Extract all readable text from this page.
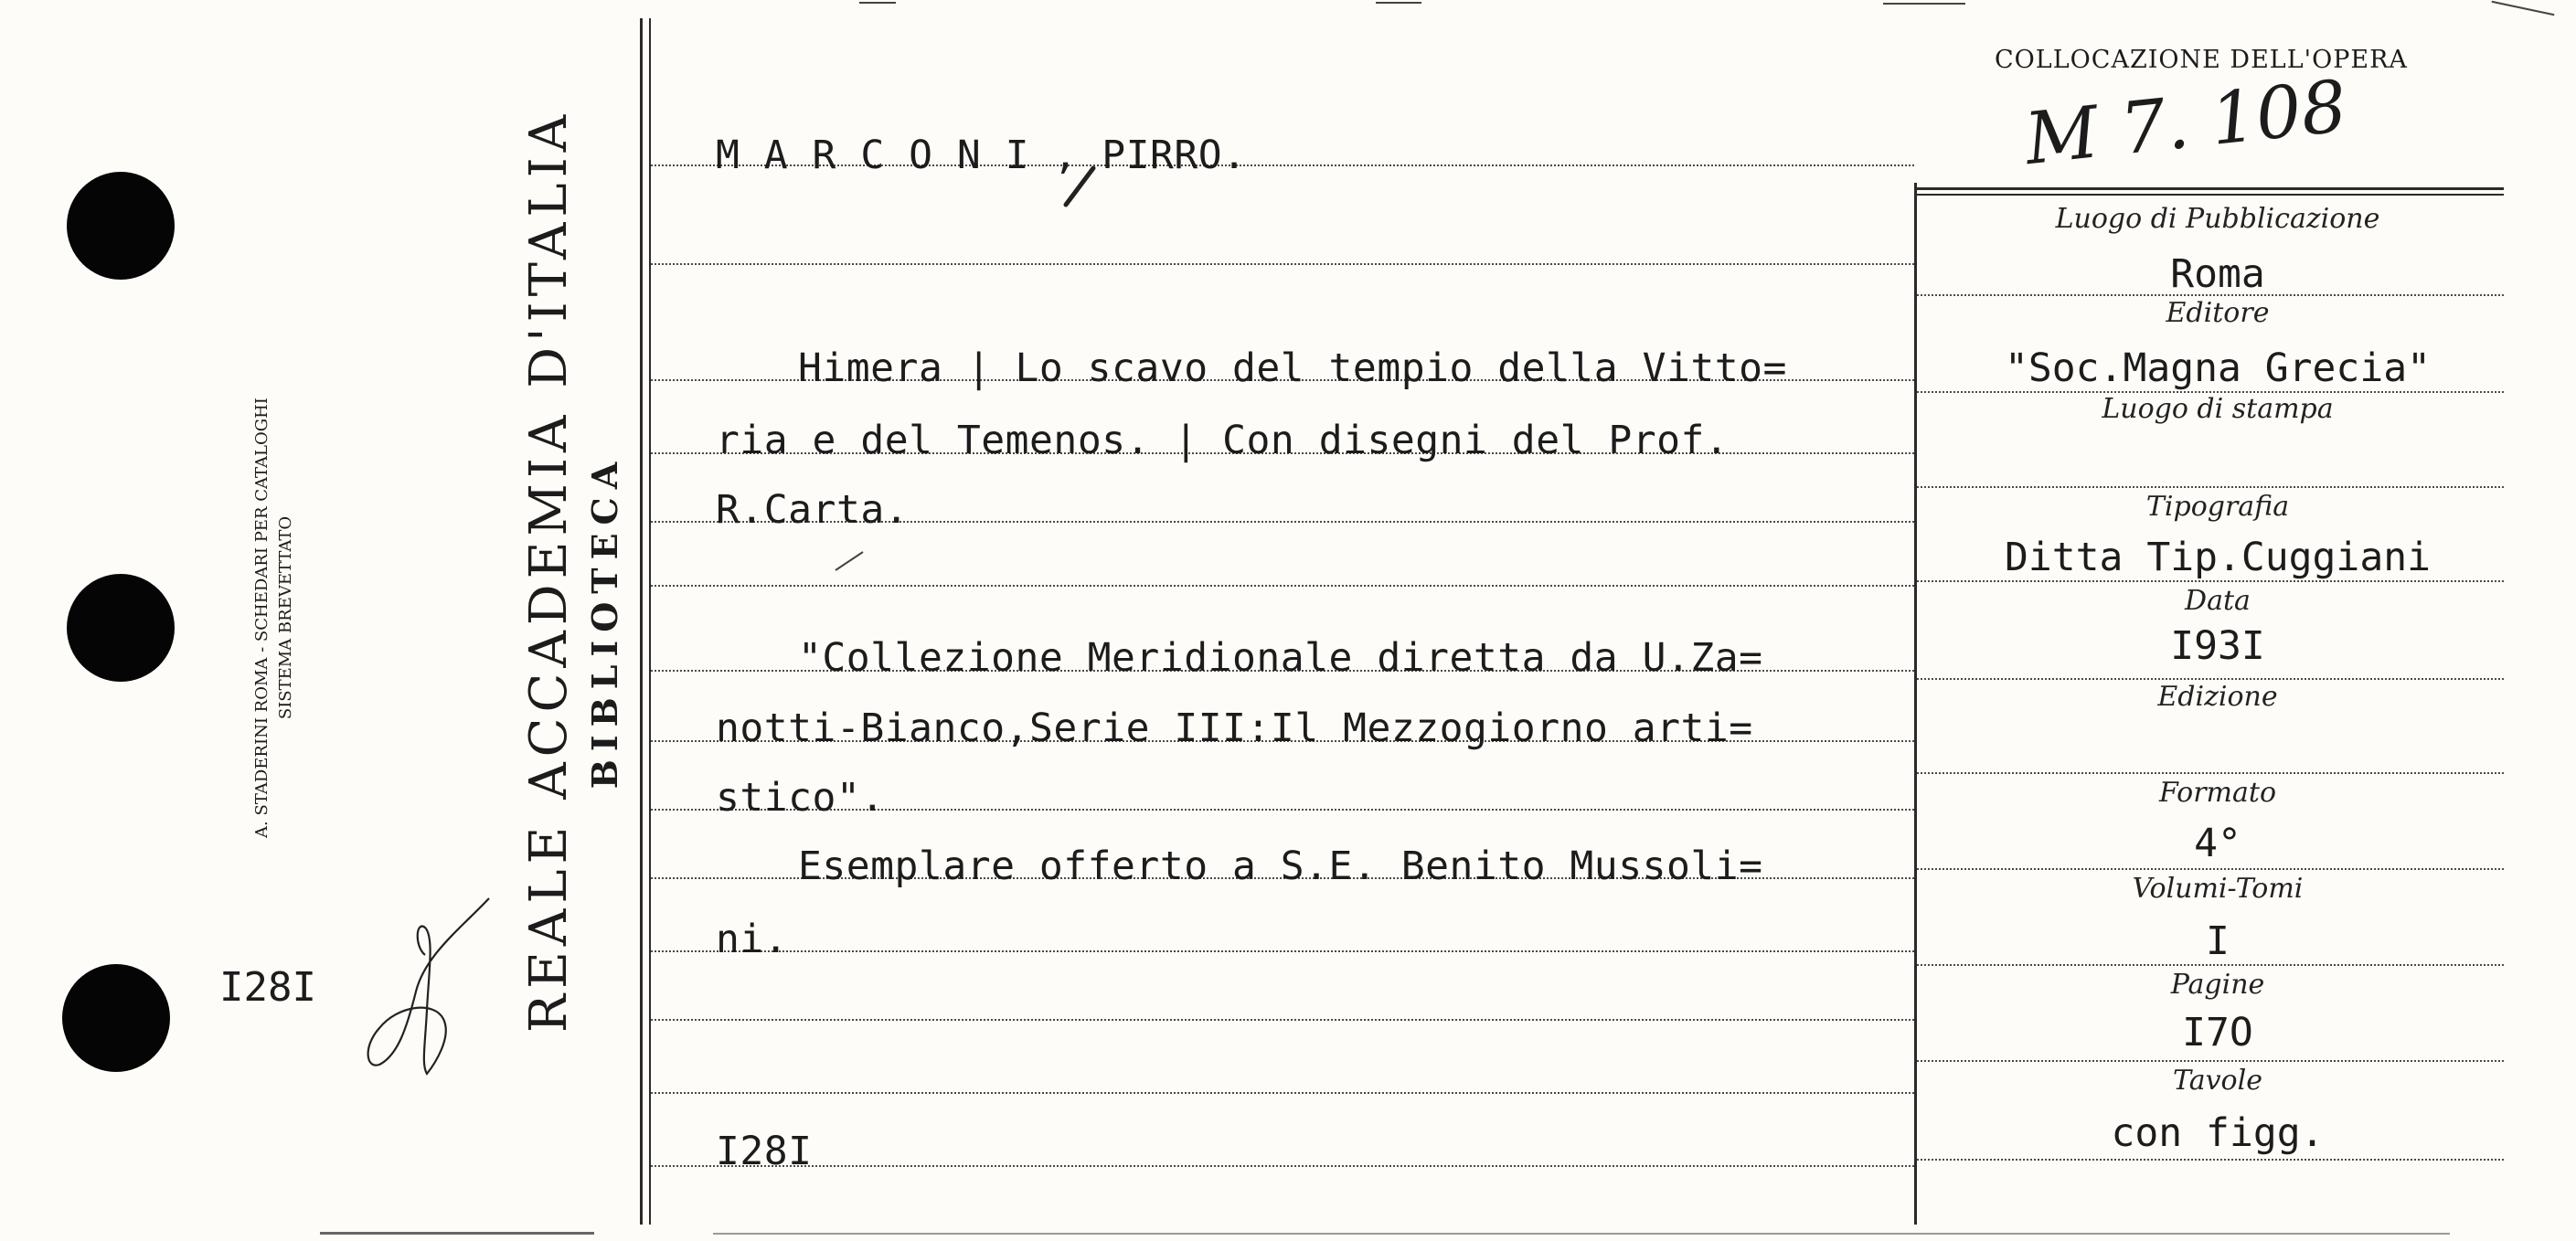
A. STADERINI ROMA - SCHEDARI PER CATALOGHI SISTEMA BREVETTATO
I28I	REALE ACCADEMIA D'ITALIA BIBLIOTECA
COLLOCAZIONE DELL'OPERA
M 7. 108
M A R C O N I , PIRRO.
Himera | Lo scavo del tempio della Vitto=
ria e del Temenos. | Con disegni del Prof.
R.Carta.
"Collezione Meridionale diretta da U.Za=
notti-Bianco,Serie III:Il Mezzogiorno arti=
stico".
Esemplare offerto a S.E. Benito Mussoli=
ni.
I28I
Luogo di Pubblicazione
Roma
Editore
"Soc.Magna Grecia"
Luogo di stampa
Tipografia
Ditta Tip.Cuggiani
Data
I93I
Edizione
Formato
4°
Volumi-Tomi
I
Pagine
I7O
Tavole
con figg.
